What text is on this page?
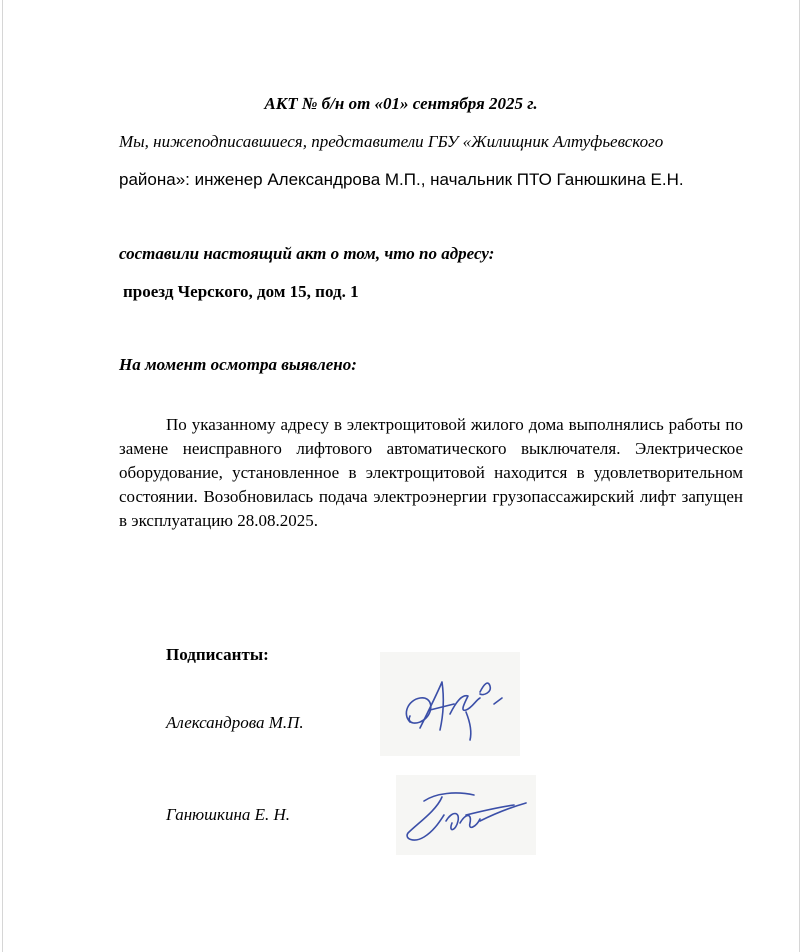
АКТ № б/н от «01» сентября 2025 г.
Мы, нижеподписавшиеся, представители ГБУ «Жилищник Алтуфьевского
района»: инженер Александрова М.П., начальник ПТО Ганюшкина Е.Н.
составили настоящий акт о том, что по адресу:
проезд Черского, дом 15, под. 1
На момент осмотра выявлено:
По указанному адресу в электрощитовой жилого дома выполнялись работы по замене неисправного лифтового автоматического выключателя. Электрическое оборудование, установленное в электрощитовой находится в удовлетворительном состоянии. Возобновилась подача электроэнергии грузопассажирский лифт запущен в эксплуатацию 28.08.2025.
Подписанты:
Александрова М.П.
Ганюшкина Е. Н.
